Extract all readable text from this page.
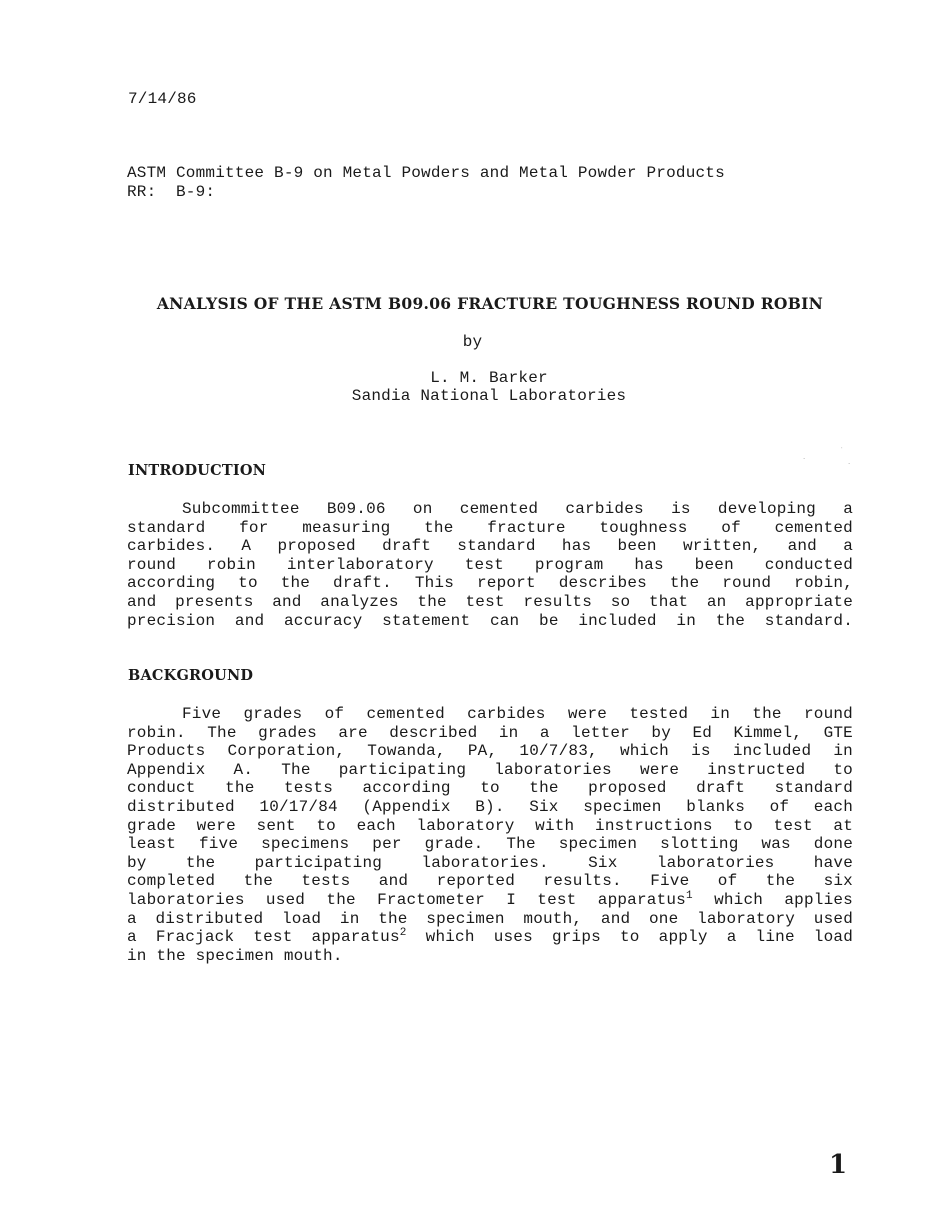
7/14/86
ASTM Committee B-9 on Metal Powders and Metal Powder Products
RR:  B-9:
ANALYSIS OF THE ASTM B09.06 FRACTURE TOUGHNESS ROUND ROBIN
by
L. M. Barker
Sandia National Laboratories
INTRODUCTION
Subcommittee B09.06 on cemented carbides is developing a
standard for measuring the fracture toughness of cemented
carbides. A proposed draft standard has been written, and a
round robin interlaboratory test program has been conducted
according to the draft. This report describes the round robin,
and presents and analyzes the test results so that an appropriate
precision and accuracy statement can be included in the standard.
BACKGROUND
Five grades of cemented carbides were tested in the round
robin. The grades are described in a letter by Ed Kimmel, GTE
Products Corporation, Towanda, PA, 10/7/83, which is included in
Appendix A. The participating laboratories were instructed to
conduct the tests according to the proposed draft standard
distributed 10/17/84 (Appendix B). Six specimen blanks of each
grade were sent to each laboratory with instructions to test at
least five specimens per grade. The specimen slotting was done
by the participating laboratories. Six laboratories have
completed the tests and reported results. Five of the six
laboratories used the Fractometer I test apparatus$^1$ which applies
a distributed load in the specimen mouth, and one laboratory used
a Fracjack test apparatus$^2$ which uses grips to apply a line load
in the specimen mouth.
1
·
˙
·
